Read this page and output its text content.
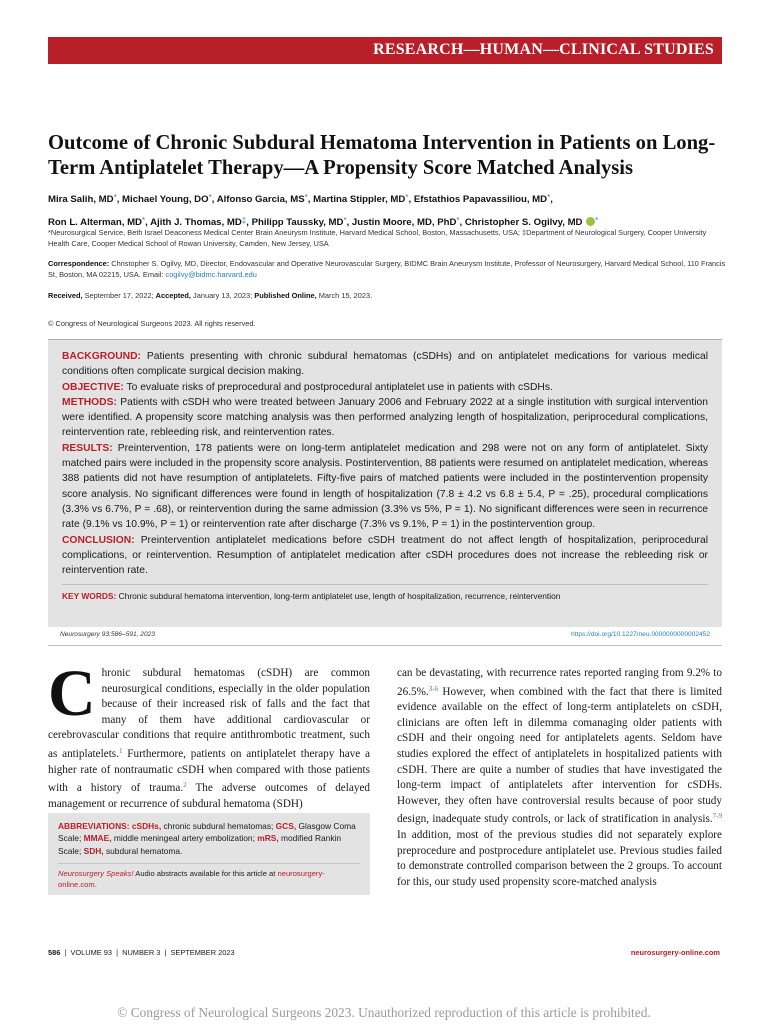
RESEARCH—HUMAN—CLINICAL STUDIES
Outcome of Chronic Subdural Hematoma Intervention in Patients on Long-Term Antiplatelet Therapy—A Propensity Score Matched Analysis
Mira Salih, MD*, Michael Young, DO*, Alfonso Garcia, MS*, Martina Stippler, MD*, Efstathios Papavassiliou, MD*,
Ron L. Alterman, MD*, Ajith J. Thomas, MD‡, Philipp Taussky, MD*, Justin Moore, MD, PhD*, Christopher S. Ogilvy, MD *
*Neurosurgical Service, Beth Israel Deaconess Medical Center Brain Aneurysm Institute, Harvard Medical School, Boston, Massachusetts, USA; ‡Department of Neurological Surgery, Cooper University Health Care, Cooper Medical School of Rowan University, Camden, New Jersey, USA
Correspondence: Christopher S. Ogilvy, MD, Director, Endovascular and Operative Neurovascular Surgery, BIDMC Brain Aneurysm Institute, Professor of Neurosurgery, Harvard Medical School, 110 Francis St, Boston, MA 02215, USA. Email: cogilvy@bidmc.harvard.edu
Received, September 17, 2022; Accepted, January 13, 2023; Published Online, March 15, 2023.
© Congress of Neurological Surgeons 2023. All rights reserved.

BACKGROUND: Patients presenting with chronic subdural hematomas (cSDHs) and on antiplatelet medications for various medical conditions often complicate surgical decision making.

OBJECTIVE: To evaluate risks of preprocedural and postprocedural antiplatelet use in patients with cSDHs.

METHODS: Patients with cSDH who were treated between January 2006 and February 2022 at a single institution with surgical intervention were identified. A propensity score matching analysis was then performed analyzing length of hospitalization, periprocedural complications, reintervention rate, rebleeding risk, and reintervention rates.

RESULTS: Preintervention, 178 patients were on long-term antiplatelet medication and 298 were not on any form of antiplatelet. Sixty matched pairs were included in the propensity score analysis. Postintervention, 88 patients were resumed on antiplatelet medication, whereas 388 patients did not have resumption of antiplatelets. Fifty-five pairs of matched patients were included in the postintervention propensity score analysis. No significant differences were found in length of hospitalization (7.8 ± 4.2 vs 6.8 ± 5.4, P = .25), procedural complications (3.3% vs 6.7%, P = .68), or reintervention during the same admission (3.3% vs 5%, P = 1). No significant differences were seen in recurrence rate (9.1% vs 10.9%, P = 1) or reintervention rate after discharge (7.3% vs 9.1%, P = 1) in the postintervention group.

CONCLUSION: Preintervention antiplatelet medications before cSDH treatment do not affect length of hospitalization, periprocedural complications, or reintervention. Resumption of antiplatelet medication after cSDH procedures does not increase the rebleeding risk or reintervention rate.

KEY WORDS: Chronic subdural hematoma intervention, long-term antiplatelet use, length of hospitalization, recurrence, reintervention

Neurosurgery 93:586–591, 2023	https://doi.org/10.1227/neu.0000000000002452
Chronic subdural hematomas (cSDH) are common neurosurgical conditions, especially in the older population because of their increased risk of falls and the fact that many of them have additional cardiovascular or cerebrovascular conditions that require antithrombotic treatment, such as antiplatelets.$^1$ Furthermore, patients on antiplatelet therapy have a higher rate of nontraumatic cSDH when compared with those patients with a history of trauma.$^2$ The adverse outcomes of delayed management or recurrence of subdural hematoma (SDH)
ABBREVIATIONS: cSDHs, chronic subdural hematomas; GCS, Glasgow Coma Scale; MMAE, middle meningeal artery embolization; mRS, modified Rankin Scale; SDH, subdural hematoma.
Neurosurgery Speaks! Audio abstracts available for this article at neurosurgery-online.com.
can be devastating, with recurrence rates reported ranging from 9.2% to 26.5%.$^{3-6}$ However, when combined with the fact that there is limited evidence available on the effect of long-term antiplatelets on cSDH, clinicians are often left in dilemma comanaging older patients with cSDH and their ongoing need for antiplatelets agents. Seldom have studies explored the effect of antiplatelets in hospitalized patients with cSDH. There are quite a number of studies that have investigated the long-term impact of antiplatelets after intervention for cSDHs. However, they often have controversial results because of poor study design, inadequate study controls, or lack of stratification in analysis.$^{7-9}$ In addition, most of the previous studies did not separately explore preprocedure and postprocedure antiplatelet use. Previous studies failed to demonstrate controlled comparison between the 2 groups. To account for this, our study used propensity score-matched analysis
586  |  VOLUME 93  |  NUMBER 3  |  SEPTEMBER 2023	neurosurgery-online.com
© Congress of Neurological Surgeons 2023. Unauthorized reproduction of this article is prohibited.
